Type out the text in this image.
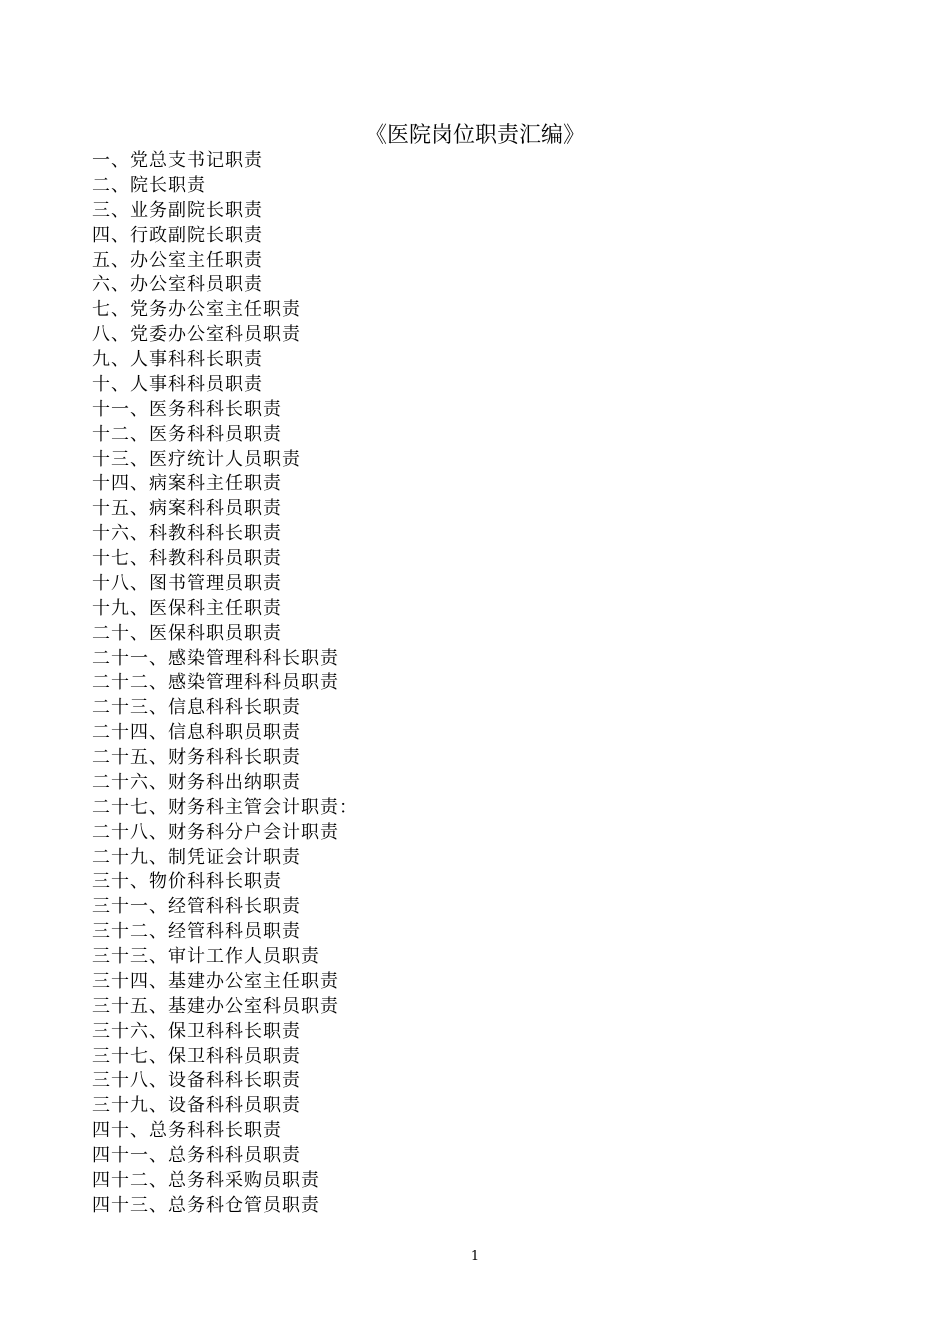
《医院岗位职责汇编》
一、党总支书记职责
二、院长职责
三、业务副院长职责
四、行政副院长职责
五、办公室主任职责
六、办公室科员职责
七、党务办公室主任职责
八、党委办公室科员职责
九、人事科科长职责
十、人事科科员职责
十一、医务科科长职责
十二、医务科科员职责
十三、医疗统计人员职责
十四、病案科主任职责
十五、病案科科员职责
十六、科教科科长职责
十七、科教科科员职责
十八、图书管理员职责
十九、医保科主任职责
二十、医保科职员职责
二十一、感染管理科科长职责
二十二、感染管理科科员职责
二十三、信息科科长职责
二十四、信息科职员职责
二十五、财务科科长职责
二十六、财务科出纳职责
二十七、财务科主管会计职责：
二十八、财务科分户会计职责
二十九、制凭证会计职责
三十、物价科科长职责
三十一、经管科科长职责
三十二、经管科科员职责
三十三、审计工作人员职责
三十四、基建办公室主任职责
三十五、基建办公室科员职责
三十六、保卫科科长职责
三十七、保卫科科员职责
三十八、设备科科长职责
三十九、设备科科员职责
四十、总务科科长职责
四十一、总务科科员职责
四十二、总务科采购员职责
四十三、总务科仓管员职责
1
